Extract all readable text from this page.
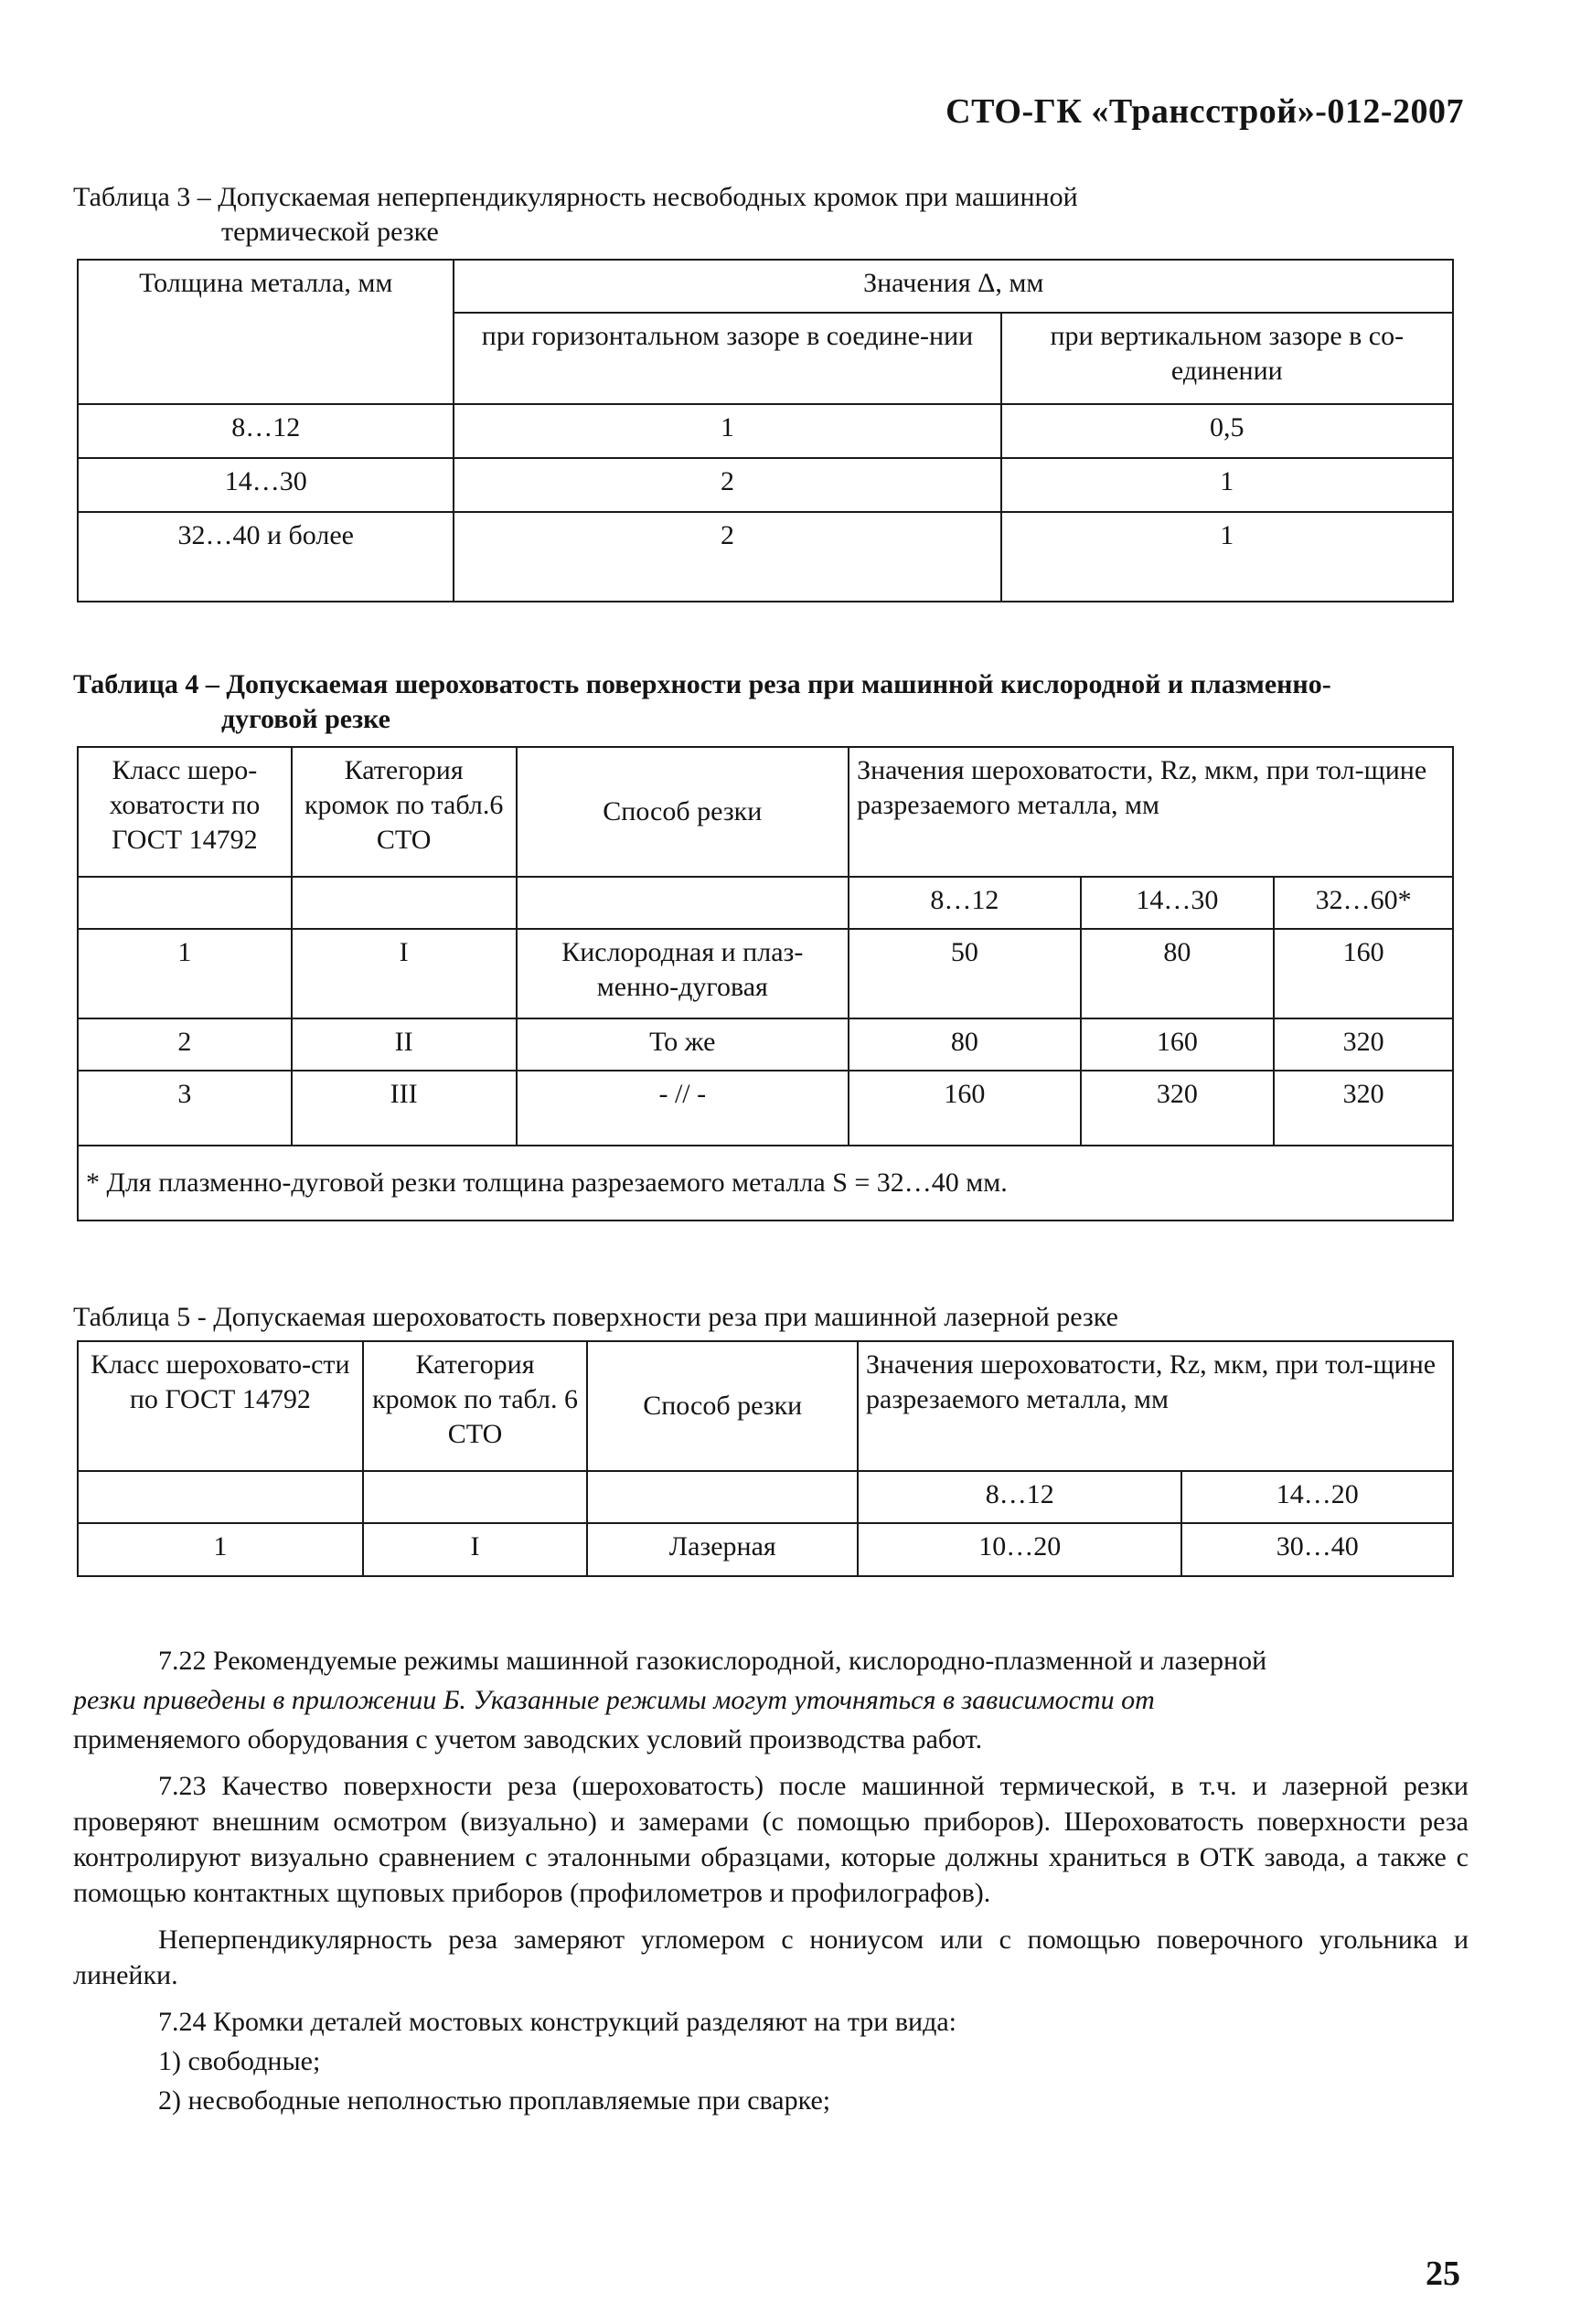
СТО-ГК «Трансстрой»-012-2007
Таблица 3 – Допускаемая неперпендикулярность несвободных кромок при машинной
термической резке
Толщина металла, мм	Значения Δ, мм	
	при горизонтальном зазоре в соедине-нии	при вертикальном зазоре в со-единении
8…12	1	0,5
14…30	2	1
32…40 и более	2	1
Таблица 4 – Допускаемая шероховатость поверхности реза при машинной кислородной и плазменно-
дуговой резке
Класс шеро-ховатости по ГОСТ 14792	Категория кромок по табл.6 СТО	Способ резки	Значения шероховатости, Rz, мкм, при тол-щине разрезаемого металла, мм		
			8…12	14…30	32…60*
1	I	Кислородная и плаз-менно-дуговая	50	80	160
2	II	То же	80	160	320
3	III	- // -	160	320	320
* Для плазменно-дуговой резки толщина разрезаемого металла S = 32…40 мм.					
Таблица 5 - Допускаемая шероховатость поверхности реза при машинной лазерной резке
Класс шероховато-сти по ГОСТ 14792	Категория кромок по табл. 6 СТО	Способ резки	Значения шероховатости, Rz, мкм, при тол-щине разрезаемого металла, мм	
			8…12	14…20
1	I	Лазерная	10…20	30…40

7.22 Рекомендуемые режимы машинной газокислородной, кислородно-плазменной и лазерной

резки приведены в приложении Б. Указанные режимы могут уточняться в зависимости от

применяемого оборудования с учетом заводских условий производства работ.

7.23 Качество поверхности реза (шероховатость) после машинной термической, в т.ч. и лазерной резки проверяют внешним осмотром (визуально) и замерами (с помощью приборов). Шероховатость поверхности реза контролируют визуально сравнением с эталонными образцами, которые должны храниться в ОТК завода, а также с помощью контактных щуповых приборов (профилометров и профилографов).

Неперпендикулярность реза замеряют угломером с нониусом или с помощью поверочного угольника и линейки.

7.24 Кромки деталей мостовых конструкций разделяют на три вида:

1) свободные;

2) несвободные неполностью проплавляемые при сварке;

25
